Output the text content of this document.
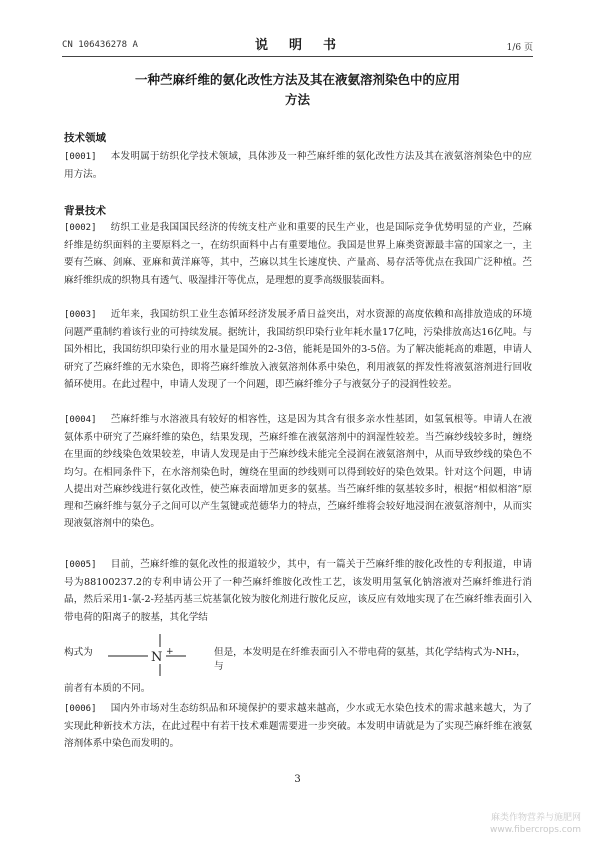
CN 106436278 A	说　明　书	1/6 页
一种苎麻纤维的氨化改性方法及其在液氨溶剂染色中的应用
方法
技术领域
[0001] 本发明属于纺织化学技术领域，具体涉及一种苎麻纤维的氨化改性方法及其在液氨溶剂染色中的应用方法。
背景技术
[0002] 纺织工业是我国国民经济的传统支柱产业和重要的民生产业，也是国际竞争优势明显的产业，苎麻纤维是纺织面料的主要原料之一，在纺织面料中占有重要地位。我国是世界上麻类资源最丰富的国家之一，主要有苎麻、剑麻、亚麻和黄洋麻等，其中，苎麻以其生长速度快、产量高、易存活等优点在我国广泛种植。苎麻纤维织成的织物具有透气、吸湿排汗等优点，是理想的夏季高级服装面料。
[0003] 近年来，我国纺织工业生态循环经济发展矛盾日益突出，对水资源的高度依赖和高排放造成的环境问题严重制约着该行业的可持续发展。据统计，我国纺织印染行业年耗水量17亿吨，污染排放高达16亿吨。与国外相比，我国纺织印染行业的用水量是国外的2-3倍，能耗是国外的3-5倍。为了解决能耗高的难题，申请人研究了苎麻纤维的无水染色，即将苎麻纤维放入液氨溶剂体系中染色，利用液氨的挥发性将液氨溶剂进行回收循环使用。在此过程中，申请人发现了一个问题，即苎麻纤维分子与液氨分子的浸润性较差。
[0004] 苎麻纤维与水溶液具有较好的相容性，这是因为其含有很多亲水性基团，如氢氧根等。申请人在液氨体系中研究了苎麻纤维的染色，结果发现，苎麻纤维在液氨溶剂中的润湿性较差。当苎麻纱线较多时，缠绕在里面的纱线染色效果较差，申请人发现是由于苎麻纱线未能完全浸润在液氨溶剂中，从而导致纱线的染色不均匀。在相同条件下，在水溶剂染色时，缠绕在里面的纱线则可以得到较好的染色效果。针对这个问题，申请人提出对苎麻纱线进行氨化改性，使苎麻表面增加更多的氨基。当苎麻纤维的氨基较多时，根据“相似相溶”原理和苎麻纤维与氨分子之间可以产生氢键或范德华力的特点，苎麻纤维将会较好地浸润在液氨溶剂中，从而实现液氨溶剂中的染色。
[0005] 目前，苎麻纤维的氨化改性的报道较少，其中，有一篇关于苎麻纤维的胺化改性的专利报道，申请号为88100237.2的专利申请公开了一种苎麻纤维胺化改性工艺，该发明用氢氧化钠溶液对苎麻纤维进行消晶，然后采用1-氯-2-羟基丙基三烷基氯化铵为胺化剂进行胺化反应，该反应有效地实现了在苎麻纤维表面引入带电荷的阳离子的胺基，其化学结
构式为	N +	但是，本发明是在纤维表面引入不带电荷的氨基，其化学结构式为-NH₂，与
前者有本质的不同。
[0006] 国内外市场对生态纺织品和环境保护的要求越来越高，少水或无水染色技术的需求越来越大，为了实现此种新技术方法，在此过程中有若干技术难题需要进一步突破。本发明申请就是为了实现苎麻纤维在液氨溶剂体系中染色而发明的。
3
麻类作物营养与施肥网
www.fibercrops.com
